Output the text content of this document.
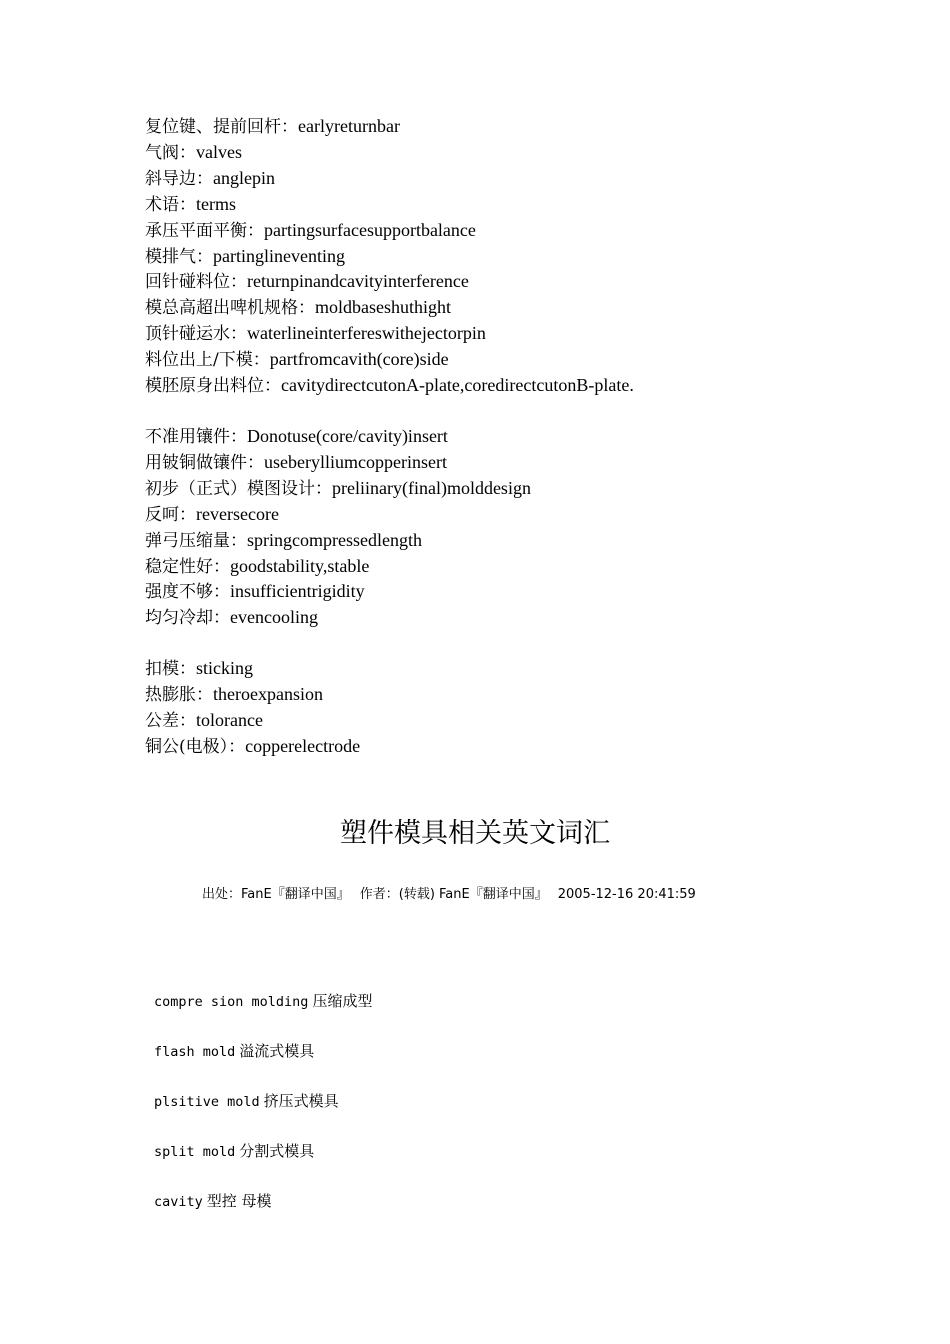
复位键、提前回杆：earlyreturnbar
气阀：valves
斜导边：anglepin
术语：terms
承压平面平衡：partingsurfacesupportbalance
模排气：partinglineventing
回针碰料位：returnpinandcavityinterference
模总高超出啤机规格：moldbaseshuthight
顶针碰运水：waterlineinterfereswithejectorpin
料位出上/下模：partfromcavith(core)side
模胚原身出料位：cavitydirectcutonA-plate,coredirectcutonB-plate.
不准用镶件：Donotuse(core/cavity)insert
用铍铜做镶件：useberylliumcopperinsert
初步（正式）模图设计：preliinary(final)molddesign
反呵：reversecore
弹弓压缩量：springcompressedlength
稳定性好：goodstability,stable
强度不够：insufficientrigidity
均匀冷却：evencooling
扣模：sticking
热膨胀：theroexpansion
公差：tolorance
铜公(电极）：copperelectrode
塑件模具相关英文词汇
出处：FanE『翻译中国』 作者：(转载) FanE『翻译中国』 2005-12-16 20:41:59
compre sion molding 压缩成型
flash mold 溢流式模具
plsitive mold 挤压式模具
split mold 分割式模具
cavity 型控 母模
